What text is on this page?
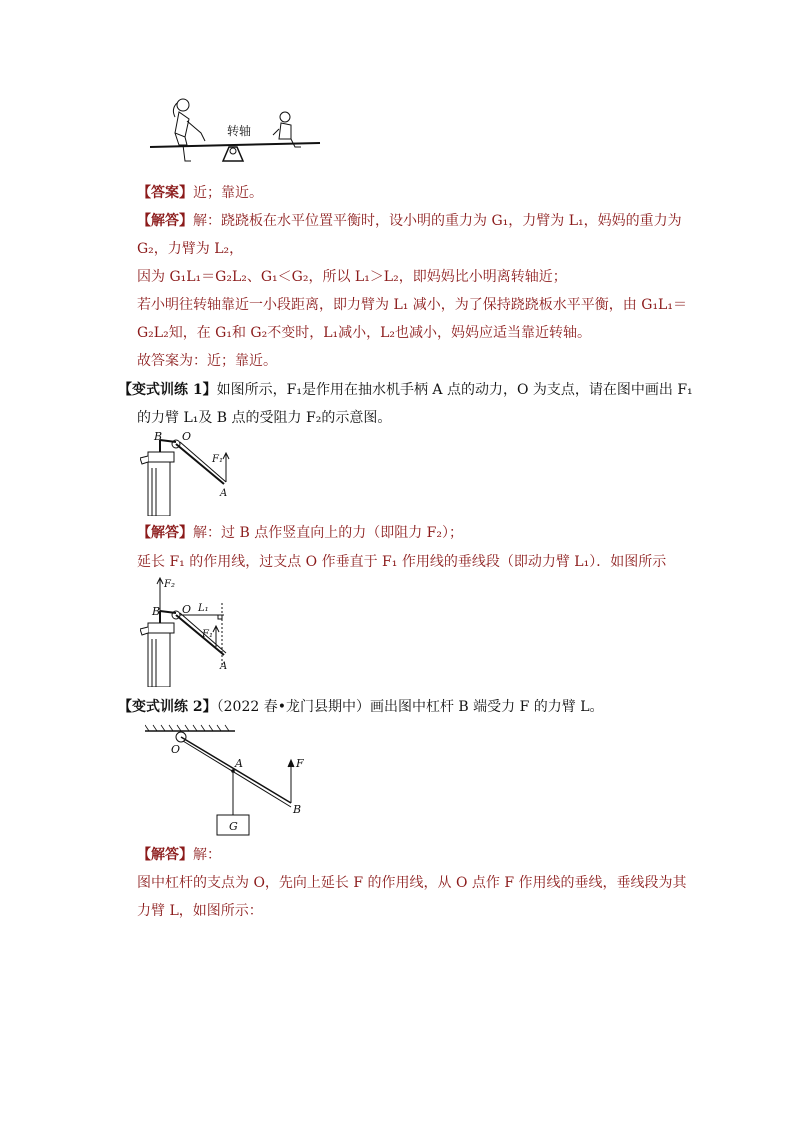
转轴
【答案】近；靠近。
【解答】解：跷跷板在水平位置平衡时，设小明的重力为 G₁，力臂为 L₁，妈妈的重力为
G₂，力臂为 L₂，
因为 G₁L₁＝G₂L₂、G₁＜G₂，所以 L₁＞L₂，即妈妈比小明离转轴近；
若小明往转轴靠近一小段距离，即力臂为 L₁ 减小，为了保持跷跷板水平平衡，由 G₁L₁＝
G₂L₂知，在 G₁和 G₂不变时，L₁减小，L₂也减小，妈妈应适当靠近转轴。
故答案为：近；靠近。
【变式训练 1】如图所示，F₁是作用在抽水机手柄 A 点的动力，O 为支点，请在图中画出 F₁
的力臂 L₁及 B 点的受阻力 F₂的示意图。
B O
F₁
A
【解答】解：过 B 点作竖直向上的力（即阻力 F₂）；
延长 F₁ 的作用线，过支点 O 作垂直于 F₁ 作用线的垂线段（即动力臂 L₁）．如图所示
F₂
B O L₁
F₁
A
【变式训练 2】（2022 春•龙门县期中）画出图中杠杆 B 端受力 F 的力臂 L。
O
A	F
B
G
【解答】解：
图中杠杆的支点为 O，先向上延长 F 的作用线，从 O 点作 F 作用线的垂线，垂线段为其
力臂 L，如图所示：
